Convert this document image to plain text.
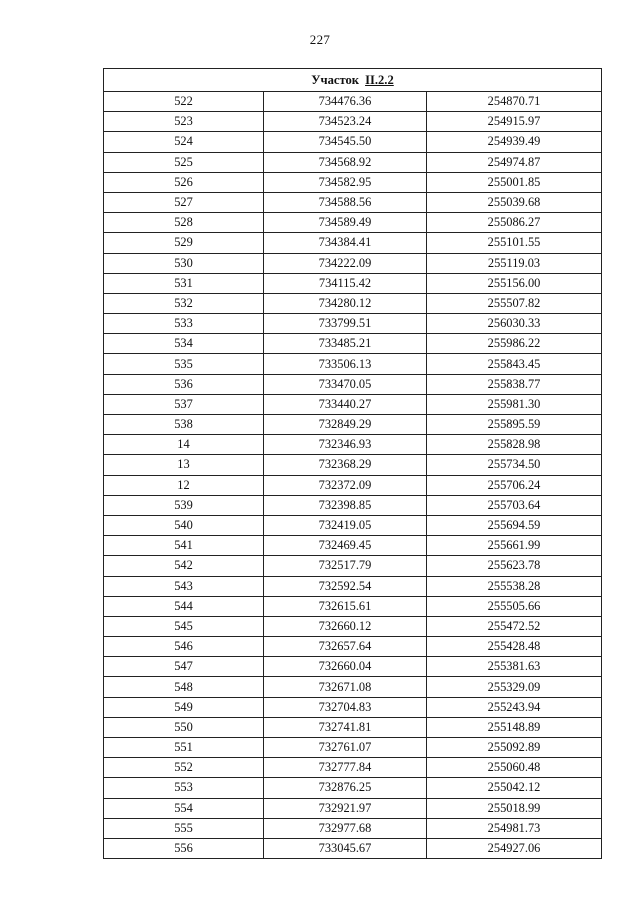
227
Участок II.2.2		
522	734476.36	254870.71
523	734523.24	254915.97
524	734545.50	254939.49
525	734568.92	254974.87
526	734582.95	255001.85
527	734588.56	255039.68
528	734589.49	255086.27
529	734384.41	255101.55
530	734222.09	255119.03
531	734115.42	255156.00
532	734280.12	255507.82
533	733799.51	256030.33
534	733485.21	255986.22
535	733506.13	255843.45
536	733470.05	255838.77
537	733440.27	255981.30
538	732849.29	255895.59
14	732346.93	255828.98
13	732368.29	255734.50
12	732372.09	255706.24
539	732398.85	255703.64
540	732419.05	255694.59
541	732469.45	255661.99
542	732517.79	255623.78
543	732592.54	255538.28
544	732615.61	255505.66
545	732660.12	255472.52
546	732657.64	255428.48
547	732660.04	255381.63
548	732671.08	255329.09
549	732704.83	255243.94
550	732741.81	255148.89
551	732761.07	255092.89
552	732777.84	255060.48
553	732876.25	255042.12
554	732921.97	255018.99
555	732977.68	254981.73
556	733045.67	254927.06
